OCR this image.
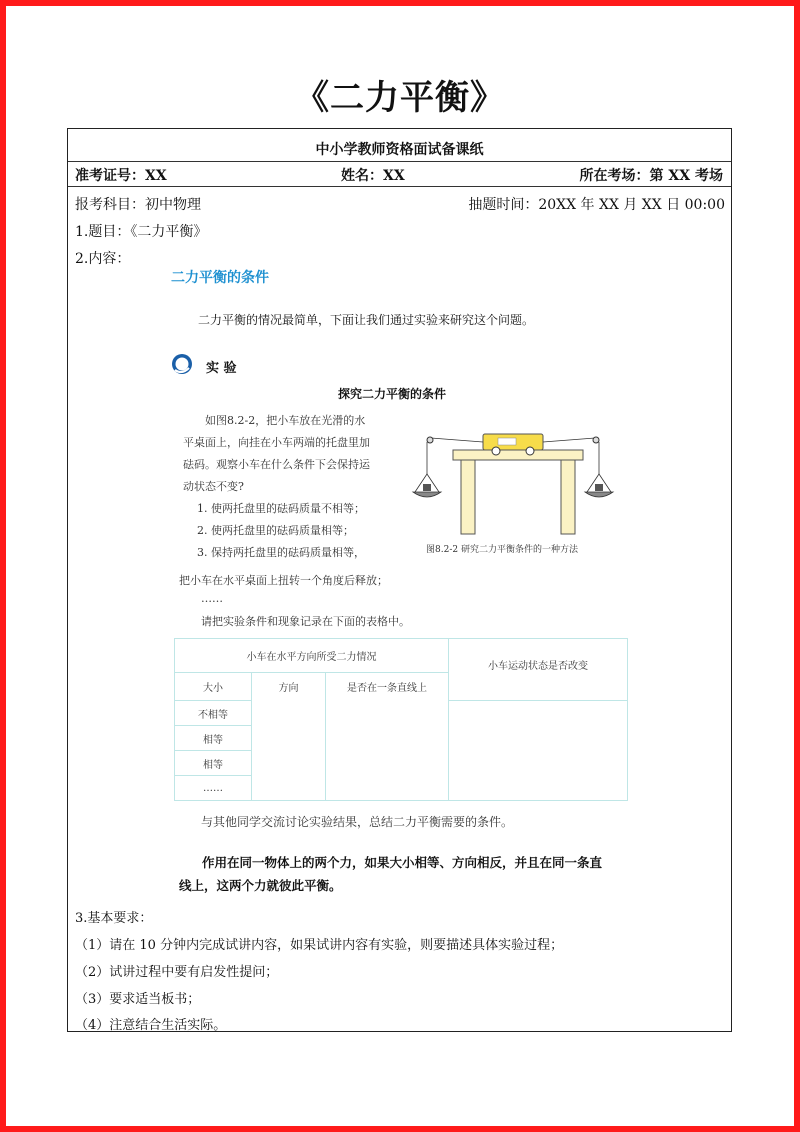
《二力平衡》
中小学教师资格面试备课纸
准考证号：XX	姓名：XX	所在考场：第 XX 考场
报考科目：初中物理	抽题时间：20XX 年 XX 月 XX 日 00:00
1.题目：《二力平衡》
2.内容：
二力平衡的条件
二力平衡的情况最简单，下面让我们通过实验来研究这个问题。
实 验
探究二力平衡的条件
如图8.2-2，把小车放在光滑的水
平桌面上，向挂在小车两端的托盘里加
砝码。观察小车在什么条件下会保持运
动状态不变?
1. 使两托盘里的砝码质量不相等；
2. 使两托盘里的砝码质量相等；
3. 保持两托盘里的砝码质量相等，	图8.2-2 研究二力平衡条件的一种方法
把小车在水平桌面上扭转一个角度后释放；
……
请把实验条件和现象记录在下面的表格中。
小车在水平方向所受二力情况			小车运动状态是否改变
大小	方向	是否在一条直线上	
不相等			
相等			
相等			
……			
与其他同学交流讨论实验结果，总结二力平衡需要的条件。
作用在同一物体上的两个力，如果大小相等、方向相反，并且在同一条直
线上，这两个力就彼此平衡。
3.基本要求：
（1）请在 10 分钟内完成试讲内容，如果试讲内容有实验，则要描述具体实验过程；
（2）试讲过程中要有启发性提问；
（3）要求适当板书；
（4）注意结合生活实际。
